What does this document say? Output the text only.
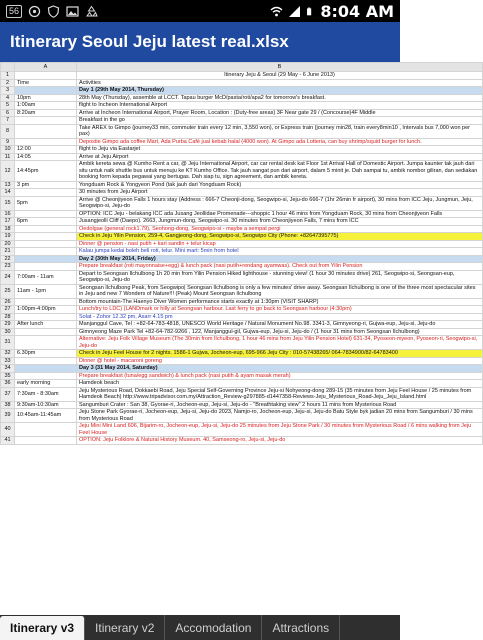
56	8:04 AM
Itinerary Seoul Jeju latest real.xlsx
	A	B
1		Itinerary Jeju & Seoul (29 May - 6 June 2013)
2	Time	Activities
3		Day 1 (29th May 2014, Thursday)
4	10pm	28th May (Thursday), assemble at LCCT. Tapau burger McD/pasta/roti/apa2 for tomorrow's breakfast.
5	1:00am	flight to Incheon International Airport
6	8:20am	Arrive at Incheon International Airport, Prayer Room, Location : (Duty-free areas) 3F Near gate 29 / (Concourse)4F Middle
7		Breakfast in the go
8		Take AREX to Gimpo (journey33 min, commuter train every 12 min, 3,550 won), or Express train (journey min28, train every8min10 , Intervals bus 7,000 won per pax)
9		Depostie Gimpo ada coffee Mart, Ada Purba Café jual kebab halal (4000 won). At Gimpo ada Lotteria, can buy shrimp/squid burger for lunch.
10	12:00	flight to Jeju via Eastarjet
11	14:05	Arrive at Jeju Airport
12	14:45pm	Ambik kereta sewa @ Kumho Rent a car, @ Jeju International Airport, car car rental desk kat Floor 1st Arrival Hall of Domestic Airport. Jumpa kaunter tak jauh dari situ untuk naik shuttle bus untuk menuju ke KT Kumho Office. Tak jauh sangat pun dari airport, dalam 5 minit je. Dah sampai tu, ambik nombor giliran, dan sediakan booking form kepada pegawai yang bertugas. Dah siap tu, sign agreement, dan ambik kereta.
13	3 pm	Yongduam Rock & Yongyeon Pond (tak jauh dari Yongduam Rock)
14		30 minutes from Jeju Airport
15	5pm	Arrive @ Cheonjiyeon Falls 1 hours stay (Address : 666-7 Cheonji-dong, Seogwipo-si, Jeju-do 666-7 (1hr 26min fr airport), 30 mins from ICC Jeju, Jungmun, Jeju, Seogwipo-si, Jeju-do
16		OPTION: ICC Jeju - belakang ICC ada Jusang Jeollidae Promenade---shoppic 1 hour 46 mins from Yongduam Rock, 30 mins from Cheonjiyeon Falls
17	6pm	Jusangjeolli Cliff (Daepo). 2663, Jungmun-dong, Seogwipo-si. 30 minutes from Cheonjiyeon Falls, 7 mins from ICC
18		Oedolgae (general rock1.79), Seohong-dong, Seogwipo-si - maybe a sempat pergi
19		Check in Jeju Yilin Pension, 259-4, Gangjeong-dong, Seogwipo-si, Seogwipo City (Phone: +82647395775)
20		Dinner @ pension - nasi putih + kari sandin + telur kicap
21		Kalau jumpa kedai boleh beli roti, telur. Mini mart: 5min from hotel
22		Day 2 (30th May 2014, Friday)
23		Prepare breakfast (roti mayonnaise+egg) & lunch pack (nasi putih+rendang ayamwas). Check out from Yilin Pension
24	7:00am - 11am	Depart to Seongsan Ilchulbong 1h 20 min from Yilin Pension Hiked lighthouse - stunning view! (1 hour 30 minutes drive) 261, Seogwipo-si, Seongsan-eup, Seogwipo-si, Jeju-do
25	11am - 1pm	Seongsan Ilchulbong Peak, from Seogwipo| Seongsan Ilchulbong is only a few minutes' drive away. Seongsan Ilchulbong is one of the three most spectacular sites in Jeju and new 7 Wonders of Nature!!! (Peak) Mount Seongsan Ilchulbong
26		Bottom mountain-The Haenyo Diver Women performance starts exactly at 1:30pm (VISIT SHARP)
27	1:00pm-4:00pm	Lunch/try to LDC) (LANDmark or hilly at Seongsan harbour. Last ferry to go back to Seongsan harbour (4:30pm)
28		Solat - Zohor 12.32 pm, Asarr 4.15 pm
29	After lunch	Manjanggul Cave, Tel : +82-64-783-4818, UNESCO World Heritage / Natural Monument No.98. 3341-3, Gimnyeong-ri, Gujwa-eup, Jeju-si, Jeju-do
30		Gimnyeong Maze Park Tel +82-64-782-9266 , 122, Manjanggul-gil, Gujwa-eup, Jeju-si, Jeju-do / (1 hour 31 mins from Seongsan Ilchulbong)
31		Alternative: Jeju Folk Village Museum (The 30min from Ilchulbong, 1 hour 46 mins from Jeju Yilin Pension Hotel) 631-34, Pyoseon-myeon, Pyoseon-ri, Seogwipo-si, Jeju-do
32	6.30pm	Check in Jeju Feel House for 2 nights. 1586-1 Gujwa, Jocheon-eup, 695-966 Jeju City : 010-57438265/ 064-7834900/82-64783400
33		Dinner @ hotel - macaroni goreng
34		Day 3 (31 May 2014, Saturday)
35		Prepare breakfast (tuna/egg sandwich) & lunch pack (nasi putih & ayam masak merah)
36	early morning	Hamdeok beach
37	7:30am - 8:30am	Jeju Mysterious Road, Dokkaebi Road, Jeju Special Self-Governing Province Jeju-si Nohyeong-dong 289-15 (35 minutes from Jeju Feel House / 25 minutes from Hamdeok Beach) http://www.tripadvisor.com.my/Attraction_Review-g297885-d1447358-Reviews-Jeju_Mysterious_Road-Jeju_Jeju_Island.html
38	9:30am-10:30am	Sangumburi Crater : San 38, Gyorae-ri, Jocheon-eup, Jeju-si, Jeju-do - "Breathtaking view" 2 hours 11 mins from Mysterious Road
39	10:45am-11:45am	Jeju Stone Park Gyorae-ri, Jocheon-eup, Jeju-si, Jeju-do 2023, Namjo-ro, Jocheon-eup, Jeju-si, Jeju-do Batu Style byk jadian 20 mins from Sangumburi / 30 mins from Mysterious Road
40		Jeju Mini Mini Land 606, Bijarim-ro, Jocheon-eup, Jeju-si, Jeju-do 25 minutes from Jeju Stone Park / 30 minutes from Mysterious Road / 6 mins walking from Jeju Feel House
41		OPTION: Jeju Folklore & Natural History Museum. 40, Samseong-ro, Jeju-si, Jeju-do
Itinerary v3	Itinerary v2	Accomodation	Attractions
